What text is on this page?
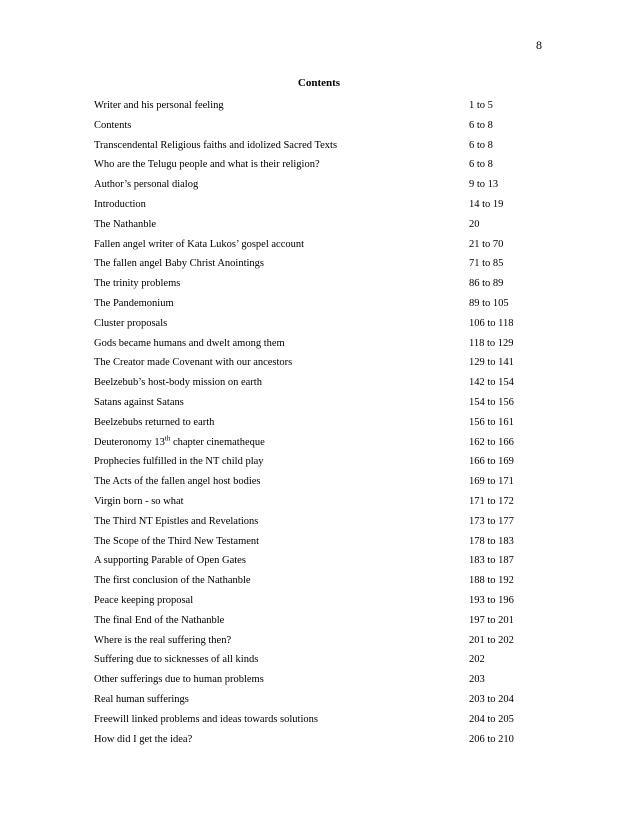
8
Contents
Writer and his personal feeling	1 to 5
Contents	6 to 8
Transcendental Religious faiths and idolized Sacred Texts	6 to 8
Who are the Telugu people and what is their religion?	6 to 8
Author’s personal dialog	9 to 13
Introduction	14 to 19
The Nathanble	20
Fallen angel writer of Kata Lukos’ gospel account	21 to 70
The fallen angel Baby Christ Anointings	71 to 85
The trinity problems	86 to 89
The Pandemonium	89 to 105
Cluster proposals	106 to 118
Gods became humans and dwelt among them	118 to 129
The Creator made Covenant with our ancestors	129 to 141
Beelzebub’s host-body mission on earth	142 to 154
Satans against Satans	154 to 156
Beelzebubs returned to earth	156 to 161
Deuteronomy 13th chapter cinematheque	162 to 166
Prophecies fulfilled in the NT child play	166 to 169
The Acts of the fallen angel host bodies	169 to 171
Virgin born - so what	171 to 172
The Third NT Epistles and Revelations	173 to 177
The Scope of the Third New Testament	178 to 183
A supporting Parable of Open Gates	183 to 187
The first conclusion of the Nathanble	188 to 192
Peace keeping proposal	193 to 196
The final End of the Nathanble	197 to 201
Where is the real suffering then?	201 to 202
Suffering due to sicknesses of all kinds	202
Other sufferings due to human problems	203
Real human sufferings	203 to 204
Freewill linked problems and ideas towards solutions	204 to 205
How did I get the idea?	206 to 210
